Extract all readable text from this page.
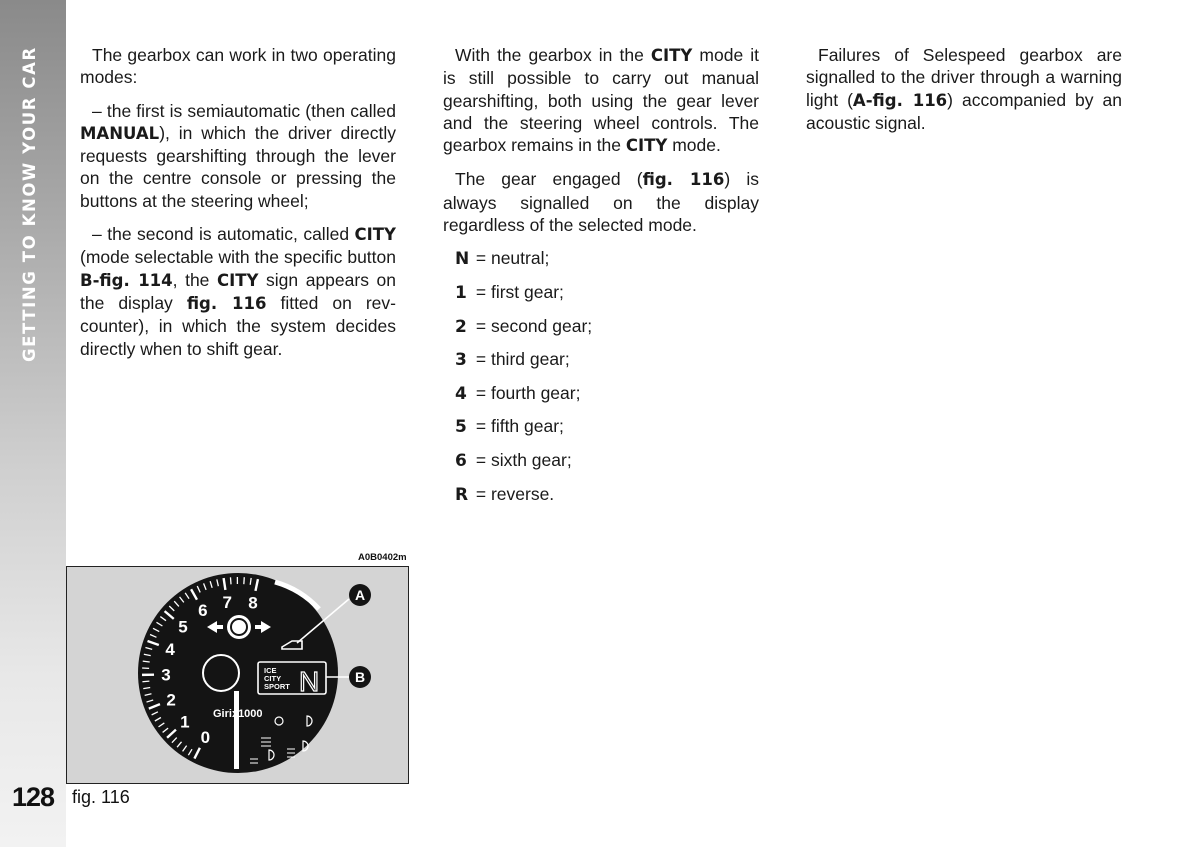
GETTING TO KNOW YOUR CAR
128

The gearbox can work in two operating modes:

– the first is semiautomatic (then called MANUAL), in which the driver directly requests gearshifting through the lever on the centre console or pressing the buttons at the steering wheel;

– the second is automatic, called CITY (mode selectable with the specific button B-fig. 114, the CITY sign appears on the display fig. 116 fitted on rev-counter), in which the system decides directly when to shift gear.

With the gearbox in the CITY mode it is still possible to carry out manual gearshifting, both using the gear lever and the steering wheel controls. The gearbox remains in the CITY mode.

The gear engaged (fig. 116) is always signalled on the display regardless of the selected mode.

N = neutral;
1 = first gear;
2 = second gear;
3 = third gear;
4 = fourth gear;
5 = fifth gear;
6 = sixth gear;
R = reverse.

Failures of Selespeed gearbox are signalled to the driver through a warning light (A-fig. 116) accompanied by an acoustic signal.

A0B0402m
0
1
2
3
4
5
6 7 8
ICE
CITY
SPORT N
Girix1000
A
B
fig. 116
